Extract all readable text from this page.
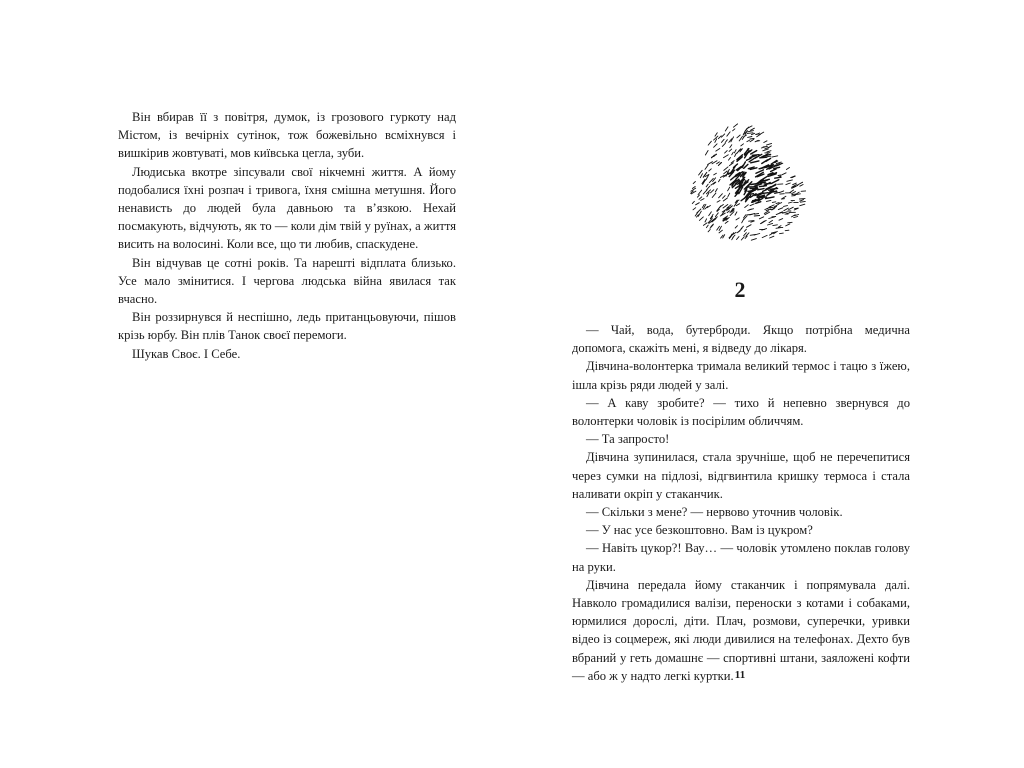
Він вбирав її з повітря, думок, із грозового гуркоту над Містом, із вечірніх сутінок, тож божевільно всміхнувся і вишкірив жовтуваті, мов київська цегла, зуби.

Людиська вкотре зіпсували свої нікчемні життя. А йому подобалися їхні розпач і тривога, їхня смішна метушня. Його ненависть до людей була давньою та в’язкою. Нехай посмакують, відчують, як то — коли дім твій у руїнах, а життя висить на волосині. Коли все, що ти любив, спаскудене.

Він відчував це сотні років. Та нарешті відплата близько. Усе мало змінитися. І чергова людська війна явилася так вчасно.

Він роззирнувся й неспішно, ледь пританцьовуючи, пішов крізь юрбу. Він плів Танок своєї перемоги.

Шукав Своє. І Себе.

2

— Чай, вода, бутерброди. Якщо потрібна медична допомога, скажіть мені, я відведу до лікаря.

Дівчина-волонтерка тримала великий термос і тацю з їжею, ішла крізь ряди людей у залі.

— А каву зробите? — тихо й непевно звернувся до волонтерки чоловік із посірілим обличчям.

— Та запросто!

Дівчина зупинилася, стала зручніше, щоб не перечепитися через сумки на підлозі, відгвинтила кришку термоса і стала наливати окріп у стаканчик.

— Скільки з мене? — нервово уточнив чоловік.

— У нас усе безкоштовно. Вам із цукром?

— Навіть цукор?! Вау… — чоловік утомлено поклав голову на руки.

Дівчина передала йому стаканчик і попрямувала далі. Навколо громадилися валізи, переноски з котами і собаками, юрмилися дорослі, діти. Плач, розмови, суперечки, уривки відео із соцмереж, які люди дивилися на телефонах. Дехто був вбраний у геть домашнє — спортивні штани, заяложені кофти — або ж у надто легкі куртки. 11
